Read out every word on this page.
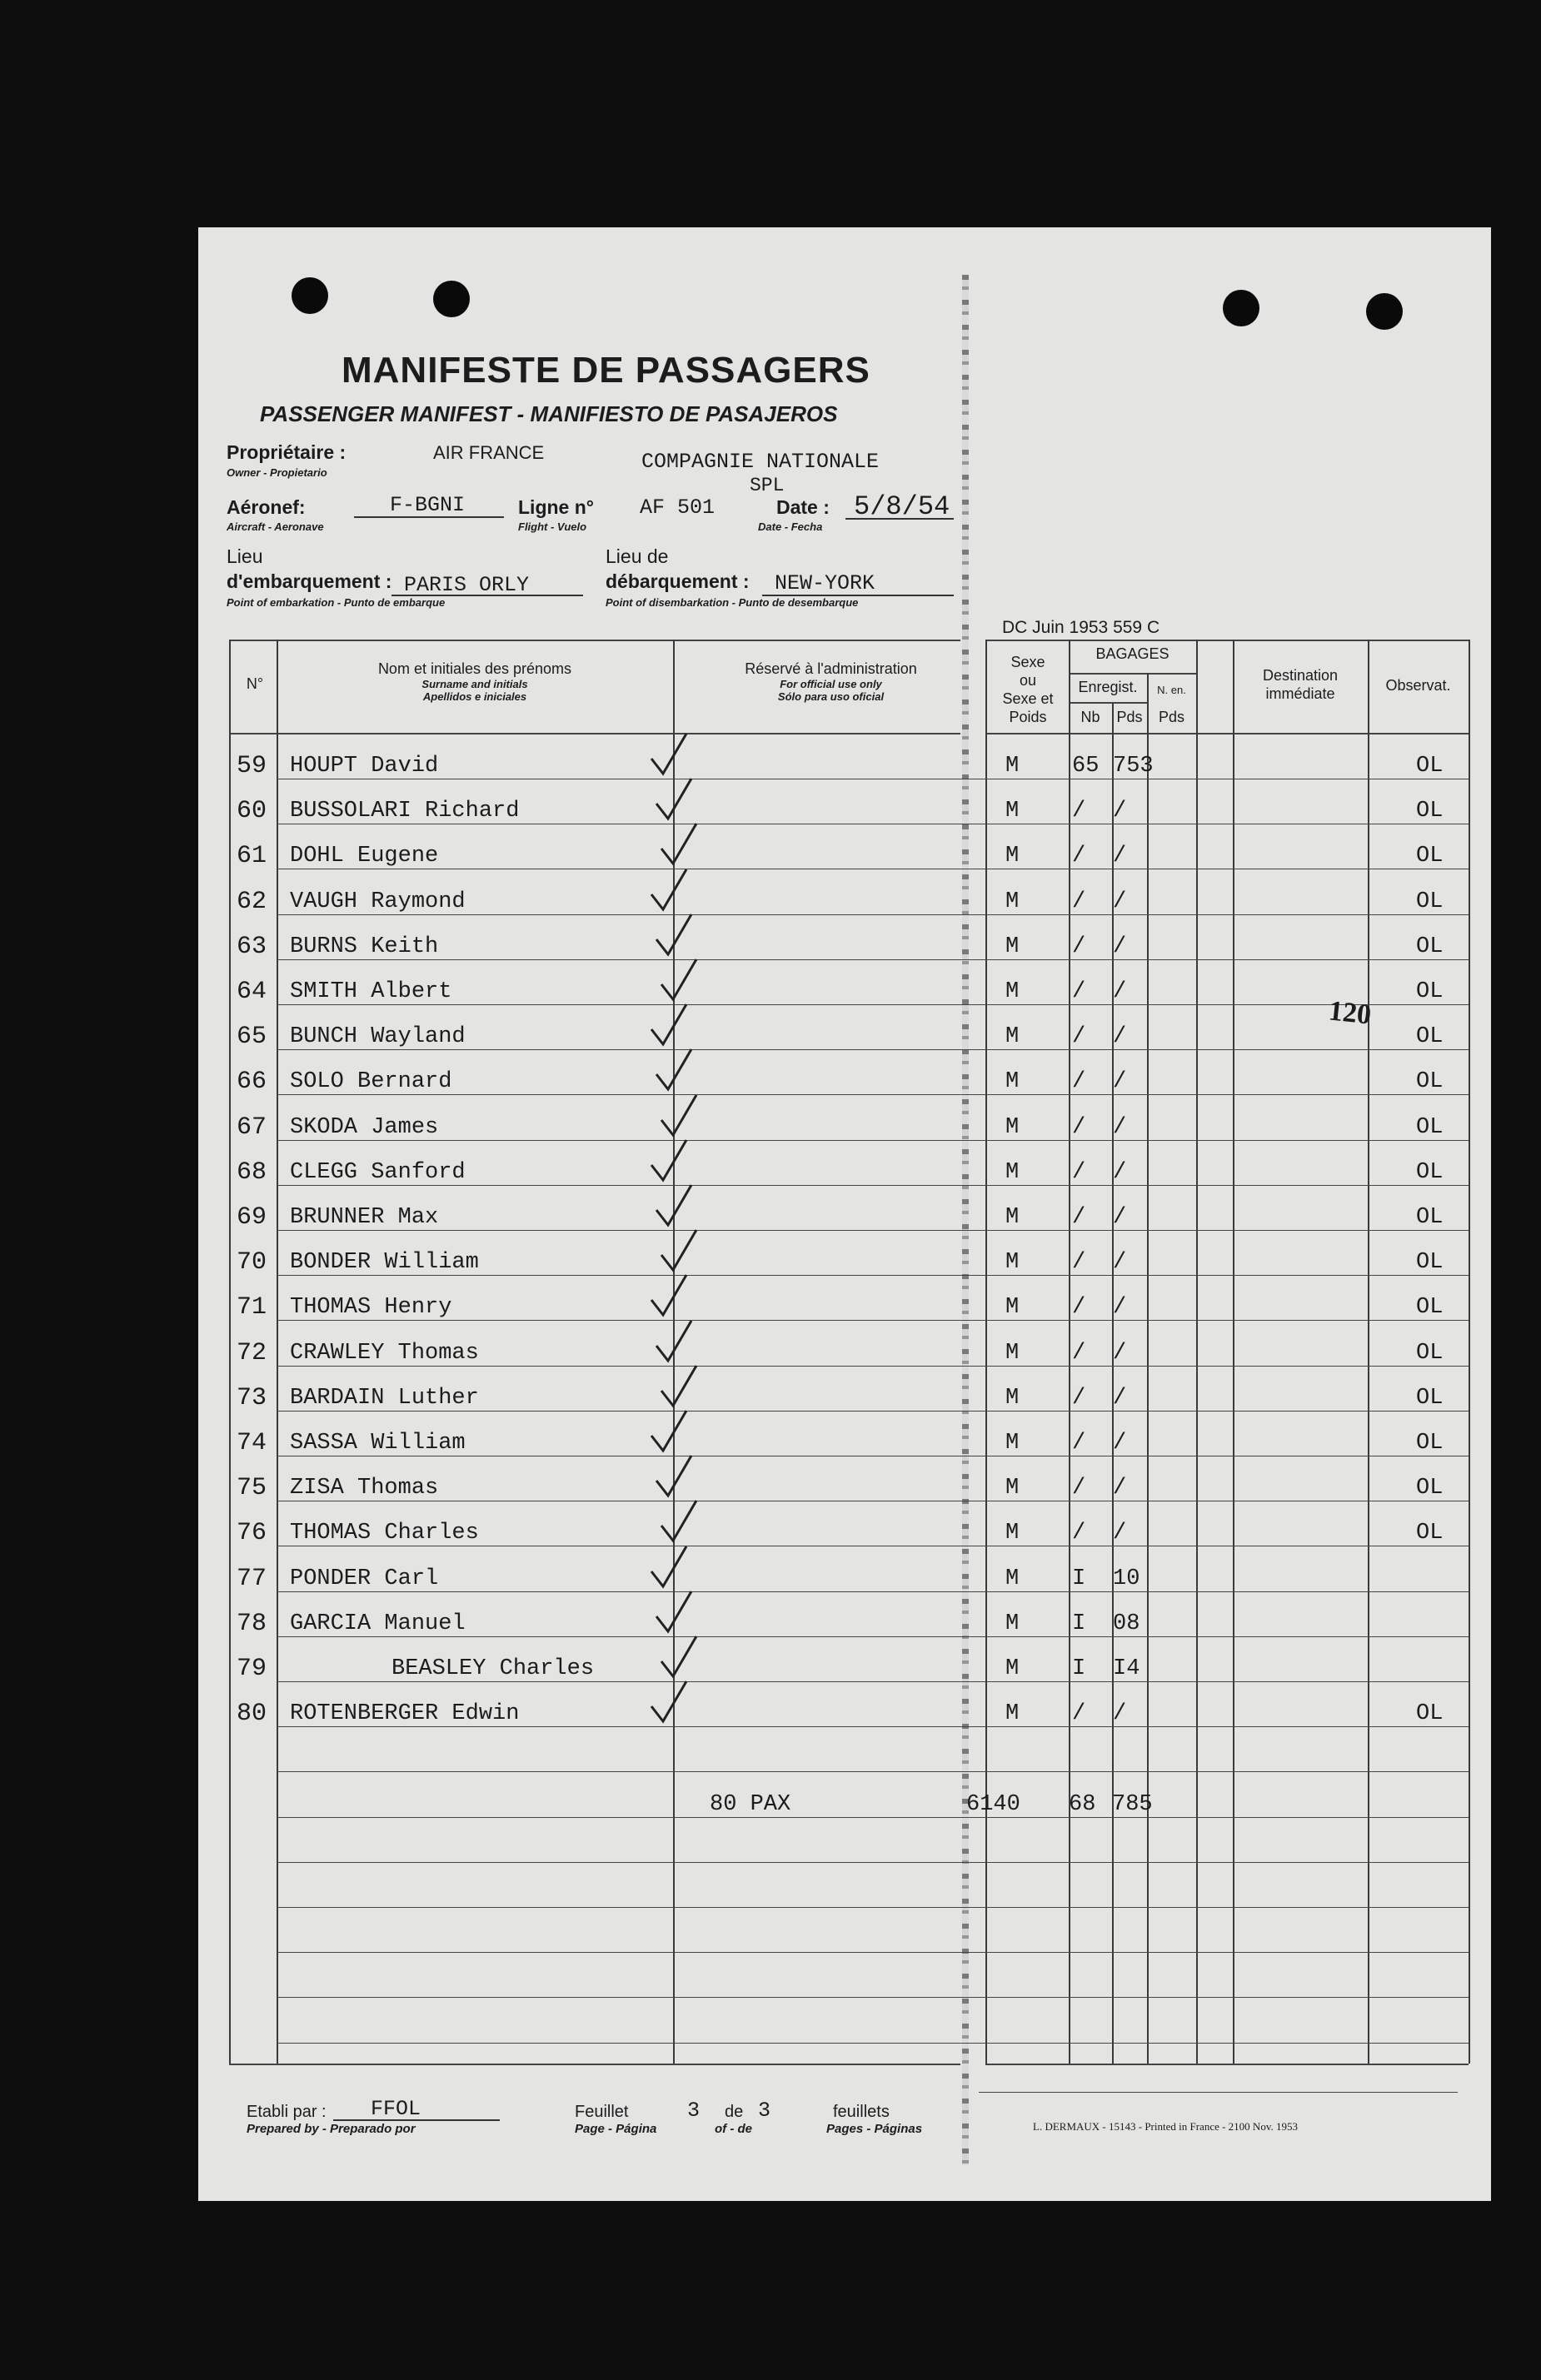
MANIFESTE DE PASSAGERS
PASSENGER MANIFEST - MANIFIESTO DE PASAJEROS
Propriétaire :
Owner - Propietario
AIR FRANCE	COMPAGNIE NATIONALE
Aéronef:
Aircraft - Aeronave
F-BGNI	Ligne n°
Flight - Vuelo
AF 501
SPL
Date :
Date - Fecha
5/8/54
Lieu
d'embarquement :
Point of embarkation - Punto de embarque
PARIS ORLY
Lieu de
débarquement :
Point of disembarkation - Punto de desembarque
NEW-YORK
DC Juin 1953 559 C
N°
Nom et initiales des prénoms
Surname and initials
Apellidos e iniciales
Réservé à l'administration
For official use only
Sólo para uso oficial
Sexe
ou
Sexe et
Poids
BAGAGES
Enregist.
Nb	Pds
N. en.
Pds
Destination
immédiate	Observat.
59 HOUPT David	M 65 753	OL
60 BUSSOLARI Richard	M / /	OL
61 DOHL Eugene	M / /	OL
62 VAUGH Raymond	M / /	OL
63 BURNS Keith	M / /	OL
64 SMITH Albert	M / /	OL
65 BUNCH Wayland	M / /	OL
66 SOLO Bernard	M / /	OL
67 SKODA James	M / /	OL
68 CLEGG Sanford	M / /	OL
69 BRUNNER Max	M / /	OL
70 BONDER William	M / /	OL
71 THOMAS Henry	M / /	OL
72 CRAWLEY Thomas	M / /	OL
73 BARDAIN Luther	M / /	OL
74 SASSA William	M / /	OL
75 ZISA Thomas	M / /	OL
76 THOMAS Charles	M / /	OL
77 PONDER Carl	M I 10
78 GARCIA Manuel	M I 08
79	BEASLEY Charles	M I I4
80 ROTENBERGER Edwin	M / /	OL
120
80 PAX	6140 68 785
Etabli par :
Prepared by - Preparado por
FFOL	Feuillet
Page - Página
3 de
of - de
3	feuillets
Pages - Páginas	L. DERMAUX - 15143 - Printed in France - 2100 Nov. 1953
